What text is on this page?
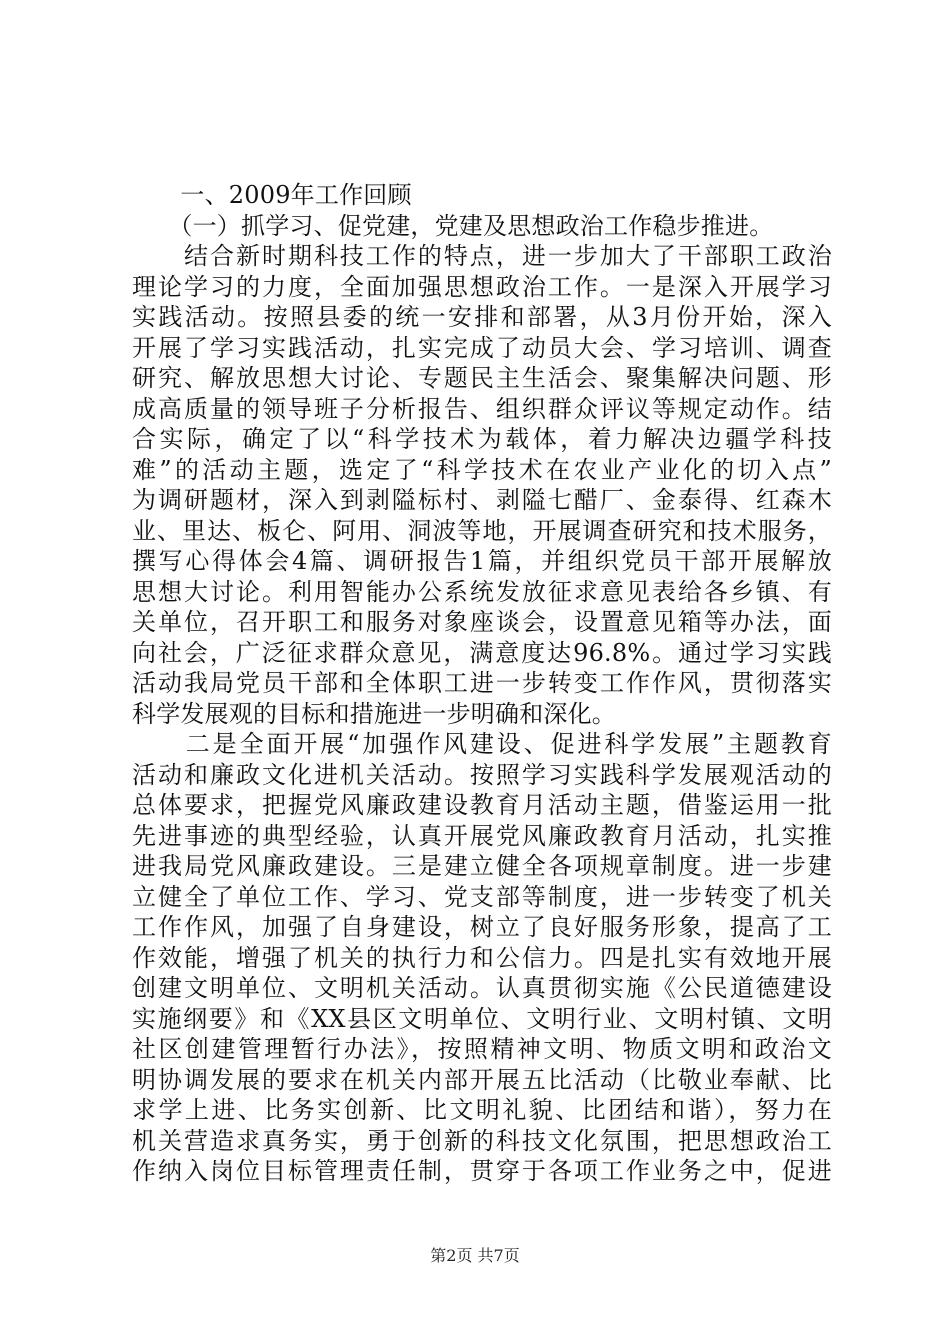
　　一、2009年工作回顾
　　（一）抓学习、促党建，党建及思想政治工作稳步推进。
　　结合新时期科技工作的特点，进一步加大了干部职工政治
理论学习的力度，全面加强思想政治工作。一是深入开展学习
实践活动。按照县委的统一安排和部署，从3月份开始，深入
开展了学习实践活动，扎实完成了动员大会、学习培训、调查
研究、解放思想大讨论、专题民主生活会、聚集解决问题、形
成高质量的领导班子分析报告、组织群众评议等规定动作。结
合实际，确定了以“科学技术为载体，着力解决边疆学科技
难”的活动主题，选定了“科学技术在农业产业化的切入点”
为调研题材，深入到剥隘标村、剥隘七醋厂、金泰得、红森木
业、里达、板仑、阿用、洞波等地，开展调查研究和技术服务，
撰写心得体会4篇、调研报告1篇，并组织党员干部开展解放
思想大讨论。利用智能办公系统发放征求意见表给各乡镇、有
关单位，召开职工和服务对象座谈会，设置意见箱等办法，面
向社会，广泛征求群众意见，满意度达96.8%。通过学习实践
活动我局党员干部和全体职工进一步转变工作作风，贯彻落实
科学发展观的目标和措施进一步明确和深化。
　　二是全面开展“加强作风建设、促进科学发展”主题教育
活动和廉政文化进机关活动。按照学习实践科学发展观活动的
总体要求，把握党风廉政建设教育月活动主题，借鉴运用一批
先进事迹的典型经验，认真开展党风廉政教育月活动，扎实推
进我局党风廉政建设。三是建立健全各项规章制度。进一步建
立健全了单位工作、学习、党支部等制度，进一步转变了机关
工作作风，加强了自身建设，树立了良好服务形象，提高了工
作效能，增强了机关的执行力和公信力。四是扎实有效地开展
创建文明单位、文明机关活动。认真贯彻实施《公民道德建设
实施纲要》和《XX县区文明单位、文明行业、文明村镇、文明
社区创建管理暂行办法》，按照精神文明、物质文明和政治文
明协调发展的要求在机关内部开展五比活动（比敬业奉献、比
求学上进、比务实创新、比文明礼貌、比团结和谐），努力在
机关营造求真务实，勇于创新的科技文化氛围，把思想政治工
作纳入岗位目标管理责任制，贯穿于各项工作业务之中，促进
第2页 共7页
